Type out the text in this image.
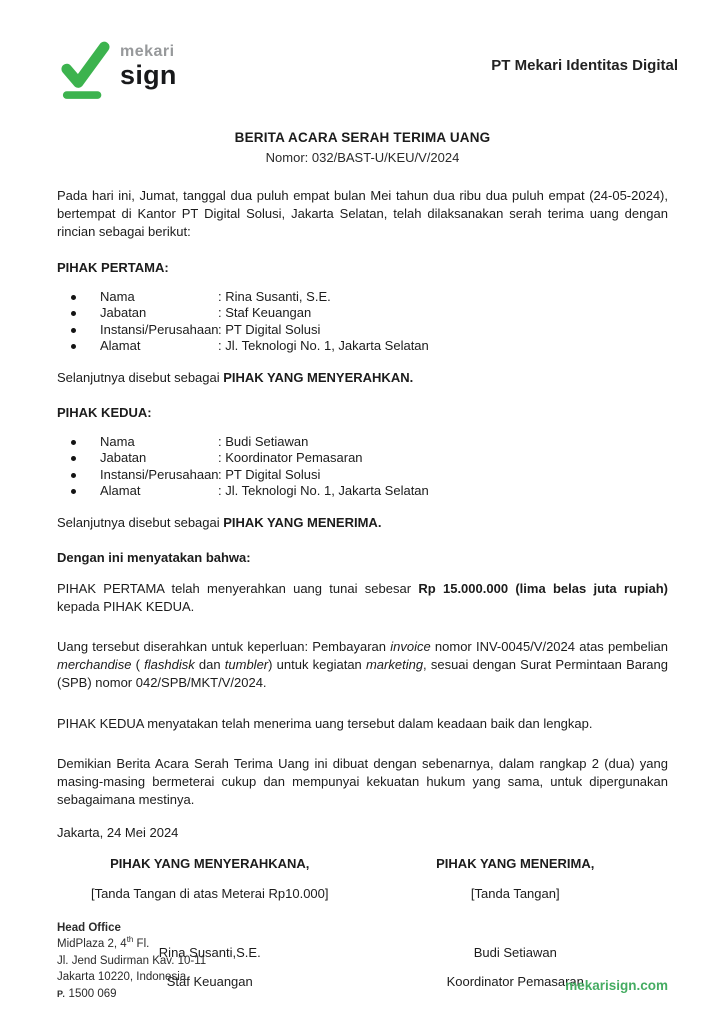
mekari
sign	PT Mekari Identitas Digital
BERITA ACARA SERAH TERIMA UANG
Nomor: 032/BAST-U/KEU/V/2024

Pada hari ini, Jumat, tanggal dua puluh empat bulan Mei tahun dua ribu dua puluh empat (24-05-2024), bertempat di Kantor PT Digital Solusi, Jakarta Selatan, telah dilaksanakan serah terima uang dengan rincian sebagai berikut:

PIHAK PERTAMA:
Nama	: Rina Susanti, S.E.
Jabatan	: Staf Keuangan
Instansi/Perusahaan : PT Digital Solusi
Alamat	: Jl. Teknologi No. 1, Jakarta Selatan

Selanjutnya disebut sebagai PIHAK YANG MENYERAHKAN.

PIHAK KEDUA:
Nama	: Budi Setiawan
Jabatan	: Koordinator Pemasaran
Instansi/Perusahaan : PT Digital Solusi
Alamat	: Jl. Teknologi No. 1, Jakarta Selatan

Selanjutnya disebut sebagai PIHAK YANG MENERIMA.

Dengan ini menyatakan bahwa:

PIHAK PERTAMA telah menyerahkan uang tunai sebesar Rp 15.000.000 (lima belas juta rupiah) kepada PIHAK KEDUA.

Uang tersebut diserahkan untuk keperluan: Pembayaran invoice nomor INV-0045/V/2024 atas pembelian merchandise ( flashdisk dan tumbler) untuk kegiatan marketing, sesuai dengan Surat Permintaan Barang (SPB) nomor 042/SPB/MKT/V/2024.

PIHAK KEDUA menyatakan telah menerima uang tersebut dalam keadaan baik dan lengkap.

Demikian Berita Acara Serah Terima Uang ini dibuat dengan sebenarnya, dalam rangkap 2 (dua) yang masing-masing bermeterai cukup dan mempunyai kekuatan hukum yang sama, untuk dipergunakan sebagaimana mestinya.

Jakarta, 24 Mei 2024

PIHAK YANG MENYERAHKANA,
[Tanda Tangan di atas Meterai Rp10.000]
Rina Susanti,S.E.
Staf Keuangan
PIHAK YANG MENERIMA,
[Tanda Tangan]
Budi Setiawan
Koordinator Pemasaran
Head Office
MidPlaza 2, 4th Fl.
Jl. Jend Sudirman Kav. 10-11
Jakarta 10220, Indonesia
P. 1500 069
mekarisign.com
